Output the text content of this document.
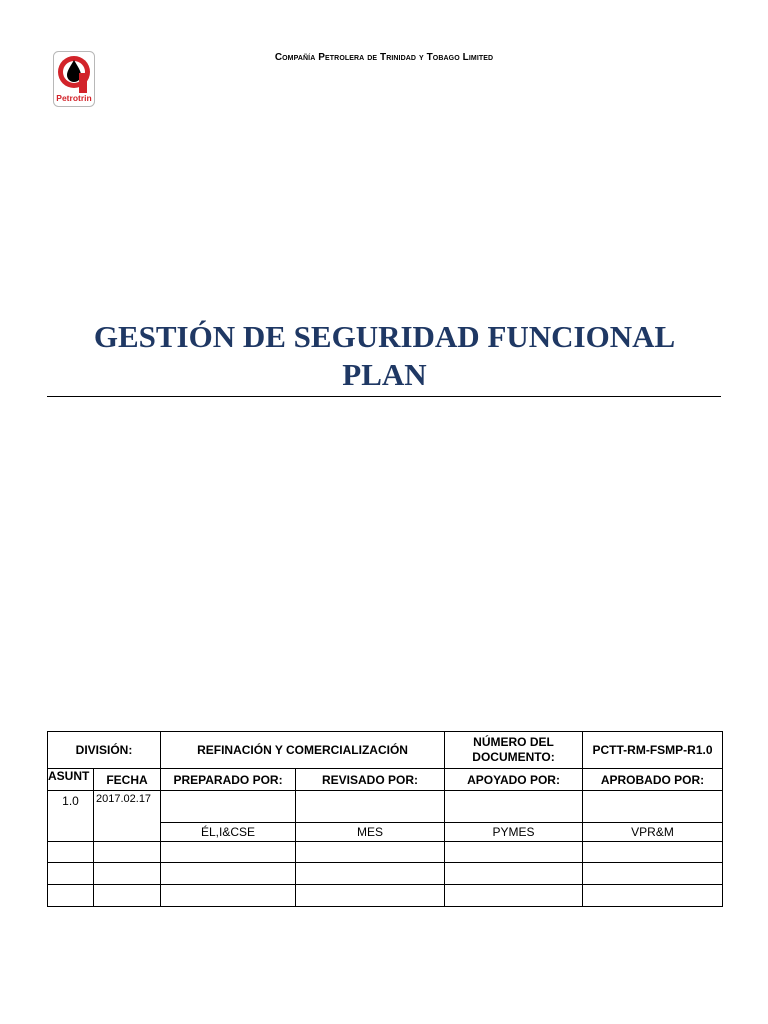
Petrotrin
Compañía Petrolera de Trinidad y Tobago Limited
GESTIÓN DE SEGURIDAD FUNCIONAL
PLAN
DIVISIÓN:		REFINACIÓN Y COMERCIALIZACIÓN		NÚMERO DEL DOCUMENTO:	PCTT-RM-FSMP-R1.0
ASUNT	FECHA	PREPARADO POR:	REVISADO POR:	APOYADO POR:	APROBADO POR:
1.0	2017.02.17				
		ÉL,I&CSE	MES	PYMES	VPR&M
